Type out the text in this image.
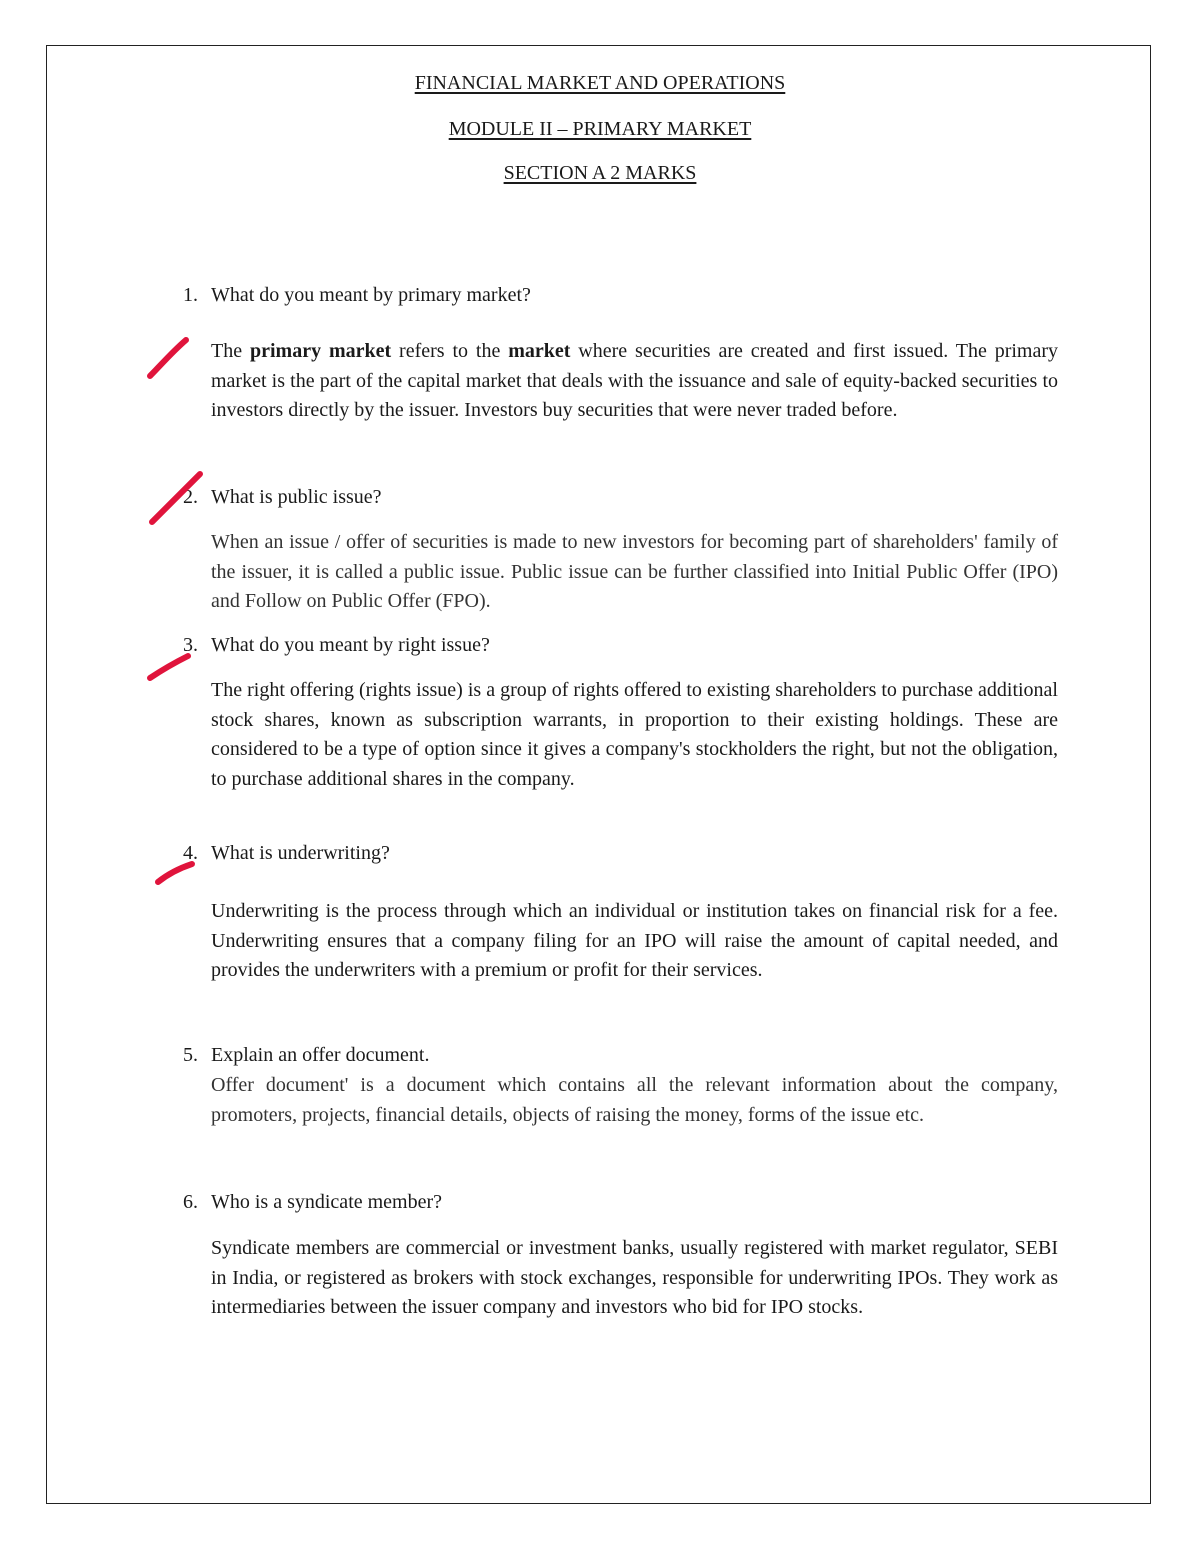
FINANCIAL MARKET AND OPERATIONS
MODULE II – PRIMARY MARKET
SECTION A 2 MARKS
1. What do you meant by primary market?
The primary market refers to the market where securities are created and first issued. The primary market is the part of the capital market that deals with the issuance and sale of equity-backed securities to investors directly by the issuer. Investors buy securities that were never traded before.
2. What is public issue?
When an issue / offer of securities is made to new investors for becoming part of shareholders' family of the issuer, it is called a public issue. Public issue can be further classified into Initial Public Offer (IPO) and Follow on Public Offer (FPO).
3. What do you meant by right issue?
The right offering (rights issue) is a group of rights offered to existing shareholders to purchase additional stock shares, known as subscription warrants, in proportion to their existing holdings. These are considered to be a type of option since it gives a company's stockholders the right, but not the obligation, to purchase additional shares in the company.
4. What is underwriting?
Underwriting is the process through which an individual or institution takes on financial risk for a fee. Underwriting ensures that a company filing for an IPO will raise the amount of capital needed, and provides the underwriters with a premium or profit for their services.
5. Explain an offer document.
Offer document' is a document which contains all the relevant information about the company, promoters, projects, financial details, objects of raising the money, forms of the issue etc.
6. Who is a syndicate member?
Syndicate members are commercial or investment banks, usually registered with market regulator, SEBI in India, or registered as brokers with stock exchanges, responsible for underwriting IPOs. They work as intermediaries between the issuer company and investors who bid for IPO stocks.
